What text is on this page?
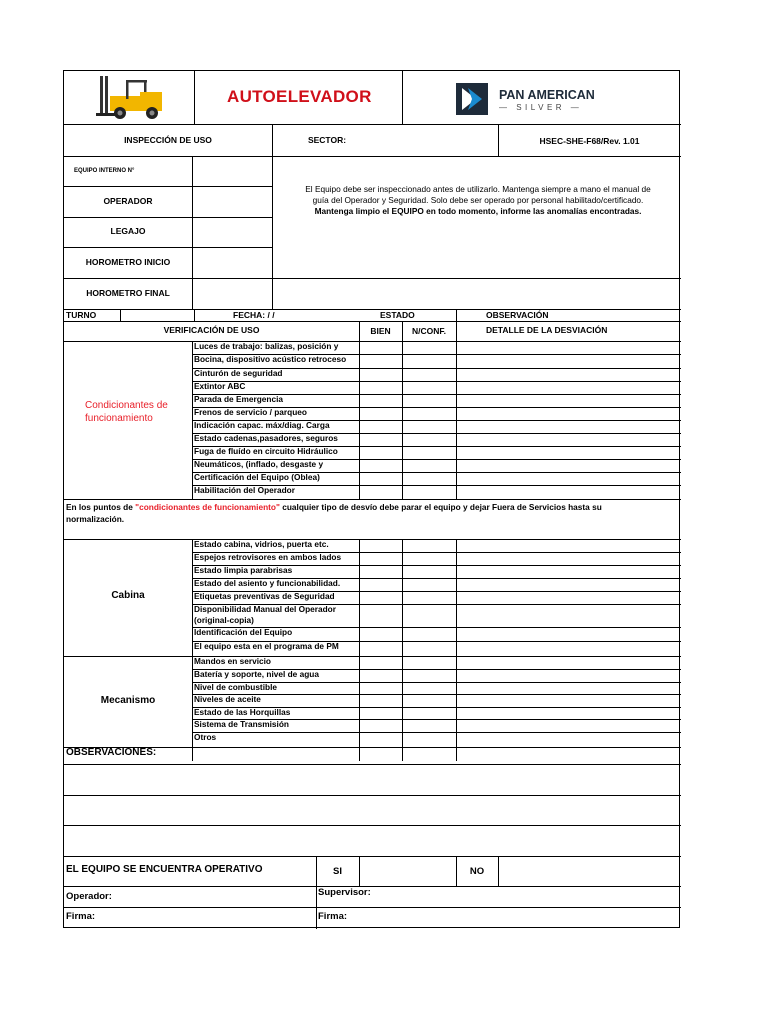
AUTOELEVADOR	PAN AMERICAN
— SILVER —
INSPECCIÓN DE USO	SECTOR:	HSEC-SHE-F68/Rev. 1.01
EQUIPO INTERNO N°
OPERADOR
LEGAJO
HOROMETRO INICIO
HOROMETRO FINAL
El Equipo debe ser inspeccionado antes de utilizarlo. Mantenga siempre a mano el manual de
guía del Operador y Seguridad. Solo debe ser operado por personal habilitado/certificado.
Mantenga limpio el EQUIPO en todo momento, informe las anomalías encontradas.
TURNO	FECHA: / /	ESTADO	OBSERVACIÓN
VERIFICACIÓN DE USO	BIEN	N/CONF.	DETALLE DE LA DESVIACIÓN
Condicionantes de
funcionamiento
Luces de trabajo: balizas, posición y
Bocina, dispositivo acústico retroceso
Cinturón de seguridad
Extintor ABC
Parada de Emergencia
Frenos de servicio / parqueo
Indicación capac. máx/diag. Carga
Estado cadenas,pasadores, seguros
Fuga de fluído en circuito Hidráulico
Neumáticos, (inflado, desgaste y
Certificación del Equipo (Oblea)
Habilitación del Operador
En los puntos de "condicionantes de funcionamiento" cualquier tipo de desvío debe parar el equipo y dejar Fuera de Servicios hasta su
normalización.
Cabina
Estado cabina, vidrios, puerta etc.
Espejos retrovisores en ambos lados
Estado limpia parabrisas
Estado del asiento y funcionabilidad.
Etiquetas preventivas de Seguridad
Disponibilidad Manual del Operador
(original-copia)
Identificación del Equipo
El equipo esta en el programa de PM
Mecanismo
Mandos en servicio
Batería y soporte, nivel de agua
Nivel de combustible
Niveles de aceite
Estado de las Horquillas
Sistema de Transmisión
Otros
OBSERVACIONES:
EL EQUIPO SE ENCUENTRA OPERATIVO	SI	NO
Operador:	Supervisor:
Firma:	Firma:
